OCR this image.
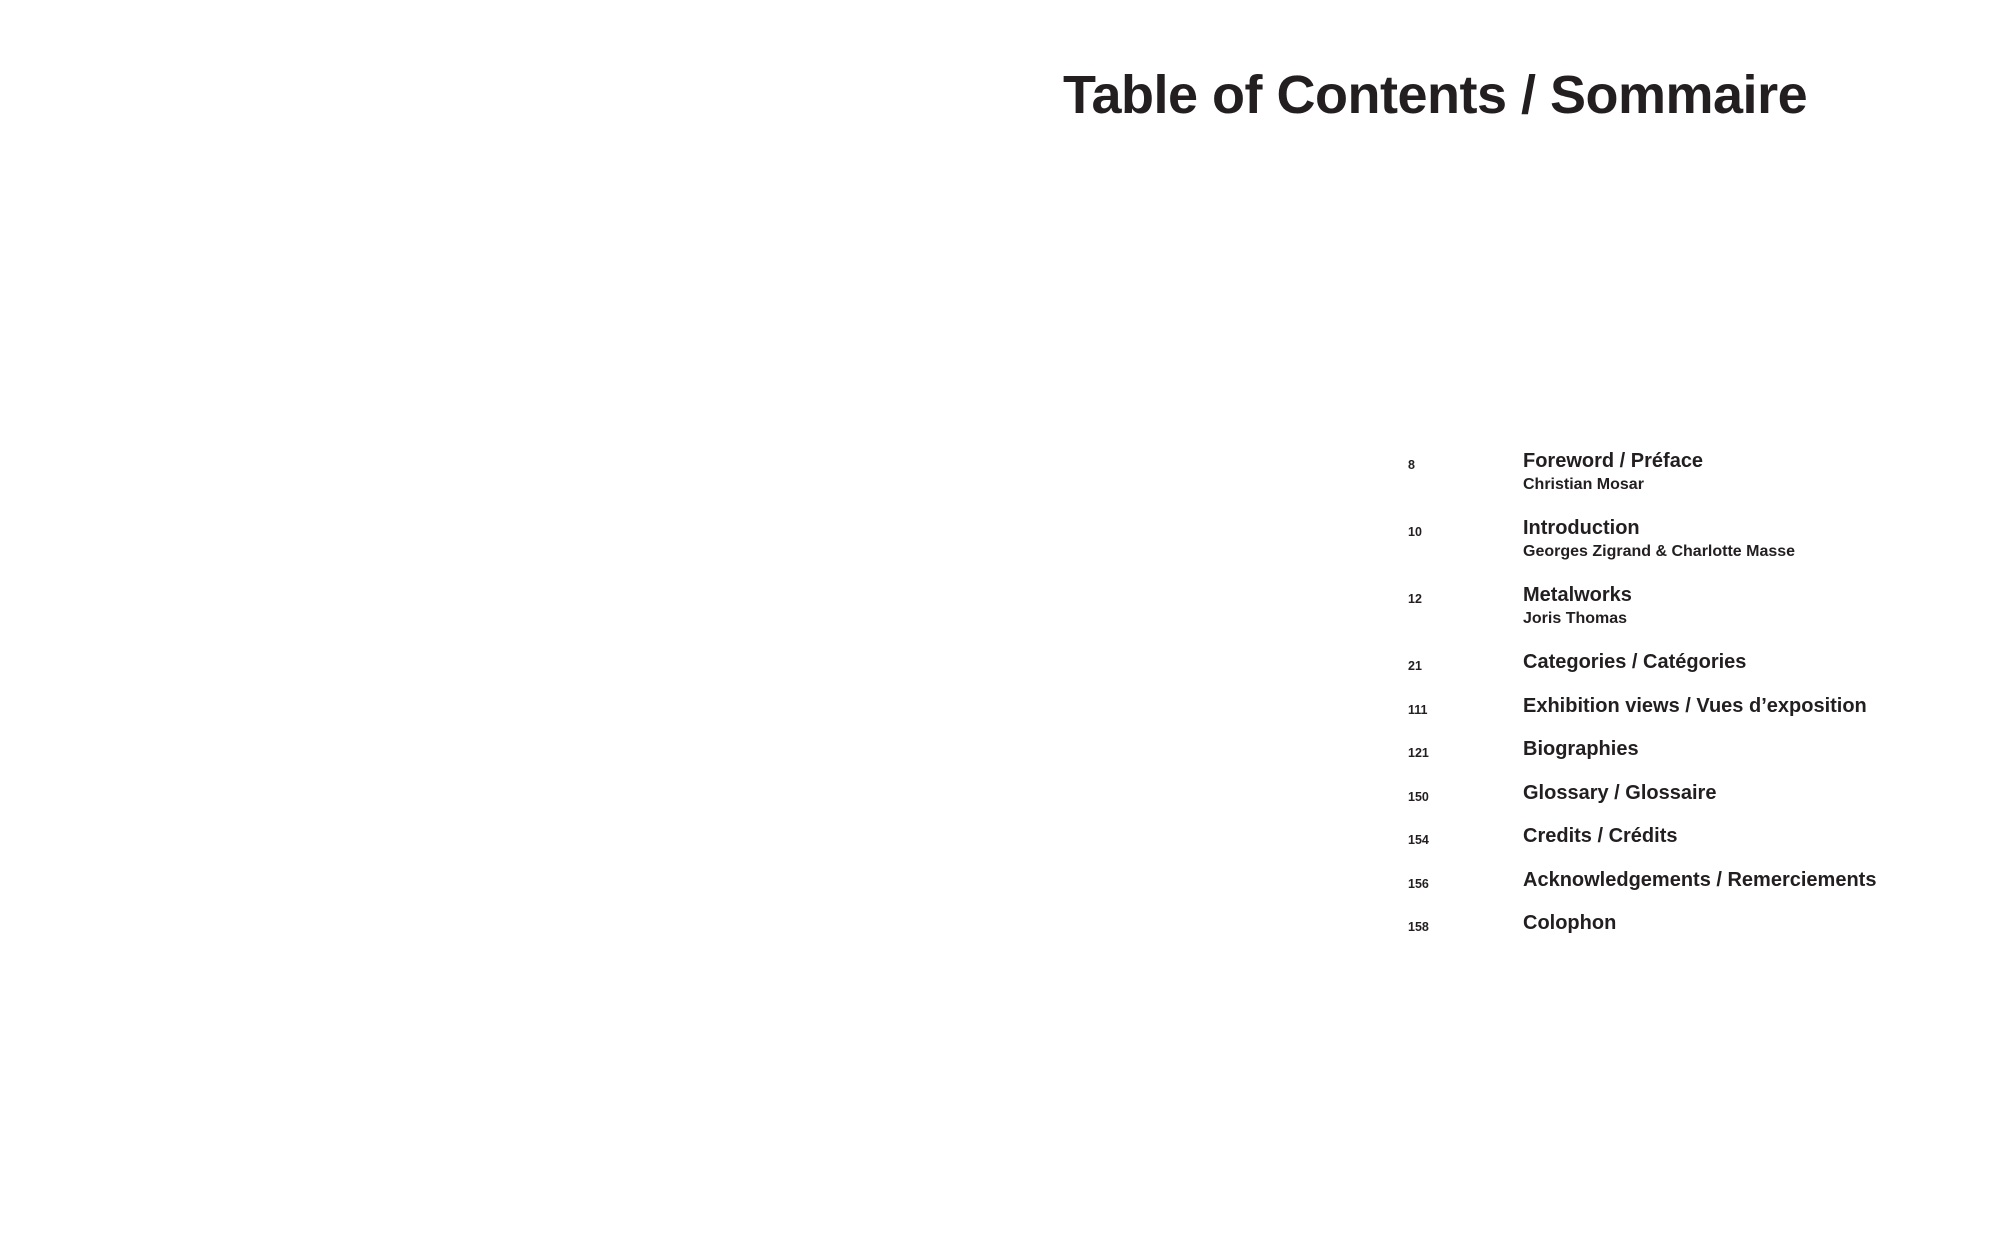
Table of Contents / Sommaire
8	Foreword / Préface
Christian Mosar
10	Introduction
Georges Zigrand & Charlotte Masse
12	Metalworks
Joris Thomas
21	Categories / Catégories
111	Exhibition views / Vues d’exposition
121	Biographies
150	Glossary / Glossaire
154	Credits / Crédits
156	Acknowledgements / Remerciements
158	Colophon
